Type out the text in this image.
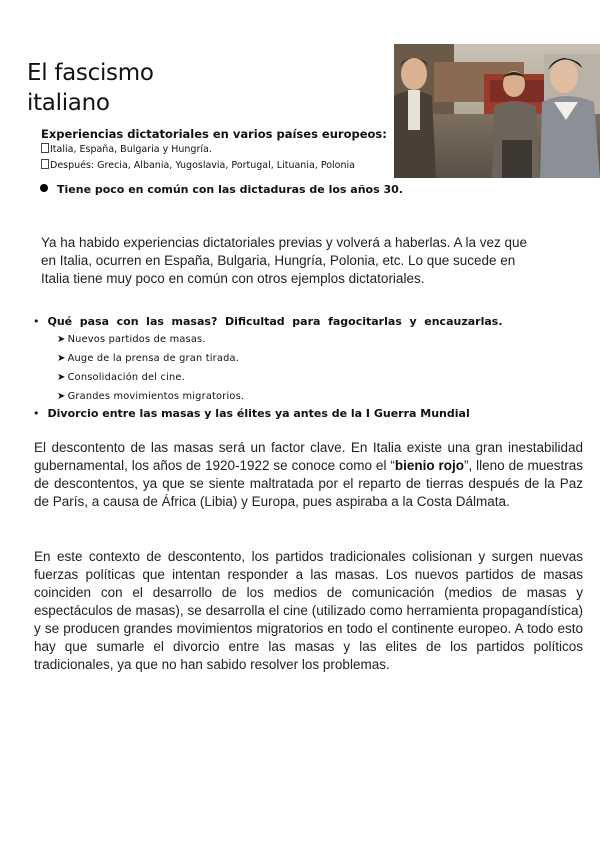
El fascismo
italiano
Experiencias dictatoriales en varios países europeos:
Italia, España, Bulgaria y Hungría.
Después: Grecia, Albania, Yugoslavia, Portugal, Lituania, Polonia
Tiene poco en común con las dictaduras de los años 30.
Ya ha habido experiencias dictatoriales previas y volverá a haberlas. A la vez que en Italia, ocurren en España, Bulgaria, Hungría, Polonia, etc. Lo que sucede en Italia tiene muy poco en común con otros ejemplos dictatoriales.
• Qué pasa con las masas? Dificultad para fagocitarlas y encauzarlas.
➤ Nuevos partidos de masas.
➤ Auge de la prensa de gran tirada.
➤ Consolidación del cine.
➤ Grandes movimientos migratorios.
• Divorcio entre las masas y las élites ya antes de la I Guerra Mundial
El descontento de las masas será un factor clave. En Italia existe una gran inestabilidad gubernamental, los años de 1920-1922 se conoce como el “bienio rojo”, lleno de muestras de descontentos, ya que se siente maltratada por el reparto de tierras después de la Paz de París, a causa de África (Libia) y Europa, pues aspiraba a la Costa Dálmata.
En este contexto de descontento, los partidos tradicionales colisionan y surgen nuevas fuerzas políticas que intentan responder a las masas. Los nuevos partidos de masas coinciden con el desarrollo de los medios de comunicación (medios de masas y espectáculos de masas), se desarrolla el cine (utilizado como herramienta propagandística) y se producen grandes movimientos migratorios en todo el continente europeo. A todo esto hay que sumarle el divorcio entre las masas y las elites de los partidos políticos tradicionales, ya que no han sabido resolver los problemas.
